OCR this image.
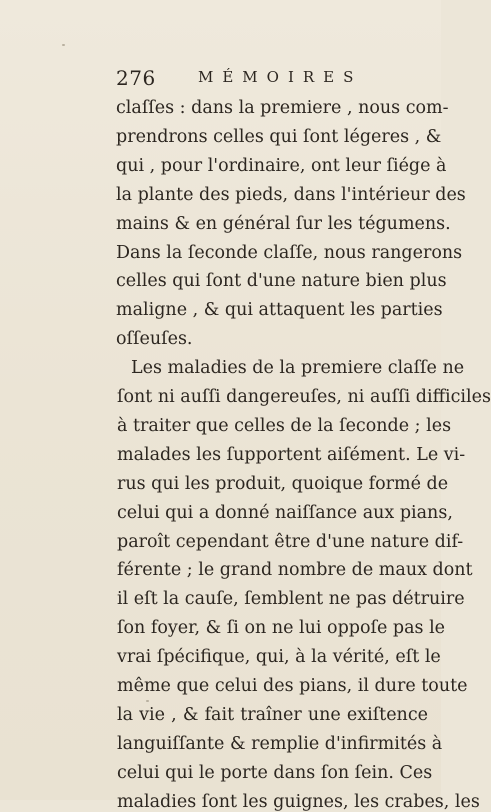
276	MÉMOIRES
claſſes : dans la premiere , nous com-
prendrons celles qui ſont légeres , &
qui , pour l'ordinaire, ont leur ſiége à
la plante des pieds, dans l'intérieur des
mains & en général ſur les tégumens.
Dans la ſeconde claſſe, nous rangerons
celles qui ſont d'une nature bien plus
maligne , & qui attaquent les parties
oſſeuſes.
Les maladies de la premiere claſſe ne
ſont ni auſſi dangereuſes, ni auſſi difficiles
à traiter que celles de la ſeconde ; les
malades les ſupportent aiſément. Le vi-
rus qui les produit, quoique formé de
celui qui a donné naiſſance aux pians,
paroît cependant être d'une nature dif-
férente ; le grand nombre de maux dont
il eſt la cauſe, ſemblent ne pas détruire
ſon foyer, & ſi on ne lui oppoſe pas le
vrai ſpécifique, qui, à la vérité, eſt le
même que celui des pians, il dure toute
la vie , & fait traîner une exiſtence
languiſſante & remplie d'infirmités à
celui qui le porte dans ſon ſein. Ces
maladies ſont les guignes, les crabes, les
